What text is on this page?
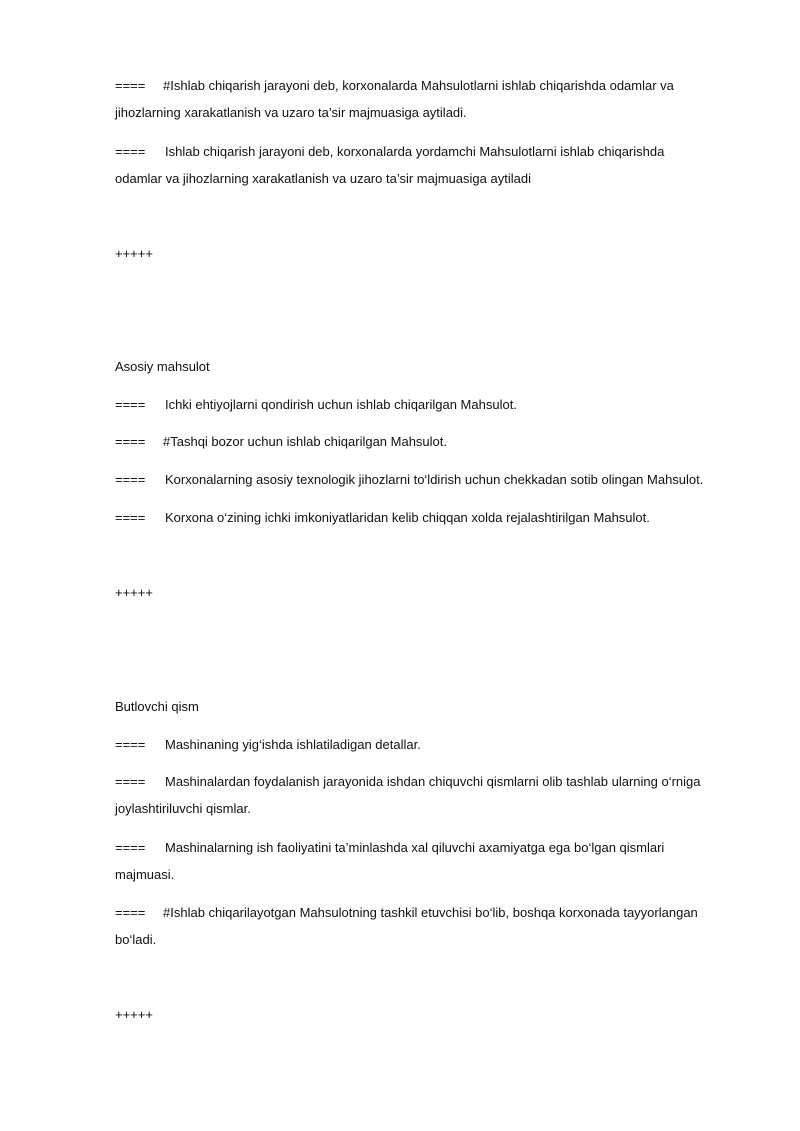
==== #Ishlab chiqarish jarayoni deb, korxonalarda Mahsulotlarni ishlab chiqarishda odamlar va
jihozlarning xarakatlanish va uzaro ta’sir majmuasiga aytiladi.
==== Ishlab chiqarish jarayoni deb, korxonalarda yordamchi Mahsulotlarni ishlab chiqarishda
odamlar va jihozlarning xarakatlanish va uzaro ta’sir majmuasiga aytiladi
+++++
Asosiy mahsulot
==== Ichki ehtiyojlarni qondirish uchun ishlab chiqarilgan Mahsulot.
==== #Tashqi bozor uchun ishlab chiqarilgan Mahsulot.
==== Korxonalarning asosiy texnologik jihozlarni to‘ldirish uchun chekkadan sotib olingan Mahsulot.
==== Korxona o‘zining ichki imkoniyatlaridan kelib chiqqan xolda rejalashtirilgan Mahsulot.
+++++
Butlovchi qism
==== Mashinaning yig‘ishda ishlatiladigan detallar.
==== Mashinalardan foydalanish jarayonida ishdan chiquvchi qismlarni olib tashlab ularning o‘rniga
joylashtiriluvchi qismlar.
==== Mashinalarning ish faoliyatini ta’minlashda xal qiluvchi axamiyatga ega bo‘lgan qismlari
majmuasi.
==== #Ishlab chiqarilayotgan Mahsulotning tashkil etuvchisi bo‘lib, boshqa korxonada tayyorlangan
bo‘ladi.
+++++
